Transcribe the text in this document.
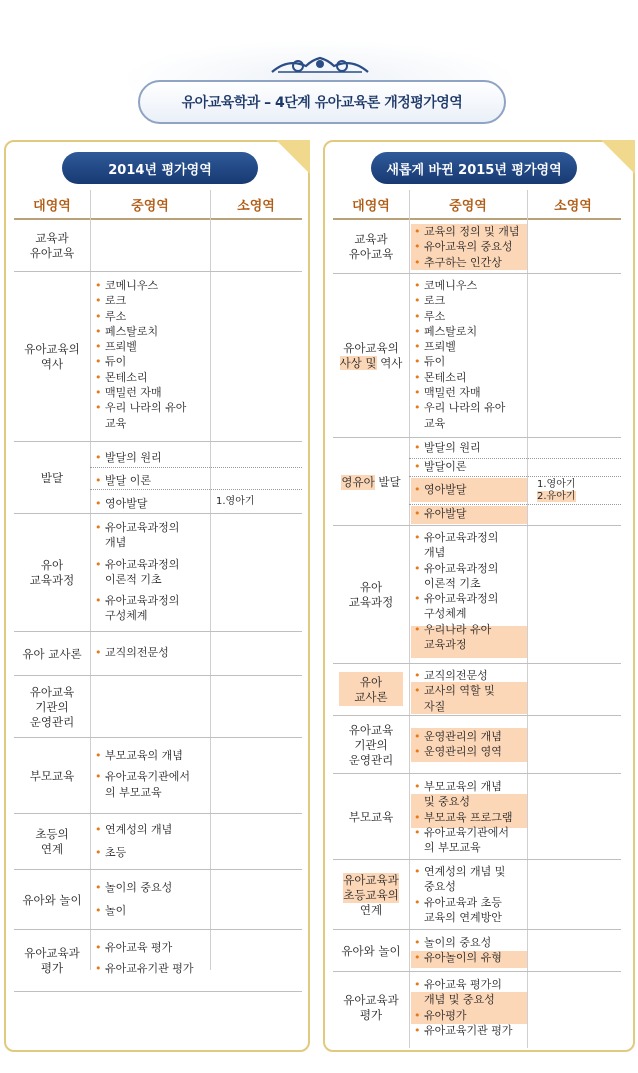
유아교육학과 – 4단계 유아교육론 개정평가영역
2014년 평가영역
대영역	중영역	소영역
교육과
유아교육
유아교육의
역사
• 코메니우스
• 로크
• 루소
• 페스탈로치
• 프뢰벨
• 듀이
• 몬테소리
• 맥밀런 자매
• 우리 나라의 유아
교육
발달
• 발달의 원리
• 발달 이론
• 영아발달	1.영아기
유아
교육과정
• 유아교육과정의
개념
• 유아교육과정의
이론적 기초
• 유아교육과정의
구성체계
유아 교사론
•	교직의전문성
유아교육
기관의
운영관리
부모교육
• 부모교육의 개념
• 유아교육기관에서
의 부모교육
초등의
연계
• 연계성의 개념
• 초등
유아와 놀이
• 놀이의 중요성
• 놀이
유아교육과
평가
• 유아교육 평가
• 유아교유기관 평가
새롭게 바뀐 2015년 평가영역
대영역	중영역	소영역
교육과
유아교육
• 교육의 정의 및 개념
• 유아교육의 중요성
• 추구하는 인간상
유아교육의
사상 및 역사
• 코메니우스
• 로크
• 루소
• 페스탈로치
• 프뢰벨
• 듀이
• 몬테소리
• 맥밀런 자매
• 우리 나라의 유아
교육
영유아
발달
• 발달의 원리
• 발달이론
• 영아발달
• 유아발달
1.영아기
2.유아기
유아
교육과정
• 유아교육과정의
개념
• 유아교육과정의
이론적 기초
• 유아교육과정의
구성체계
• 우리나라 유아
교육과정
유아
교사론
• 교직의전문성
• 교사의 역할 및
자질
유아교육
기관의
운영관리
• 운영관리의 개념
• 운영관리의 영역
부모교육
• 부모교육의 개념
및 중요성
• 부모교육 프로그램
• 유아교육기관에서
의 부모교육
유아교육과
초등교육의
연계
• 연계성의 개념 및
중요성
• 유아교육과 초등
교육의 연계방안
유아와 놀이
• 놀이의 중요성
• 유아놀이의 유형
유아교육과
평가
• 유아교육 평가의
개념 및 중요성
• 유아평가
• 유아교육기관 평가
